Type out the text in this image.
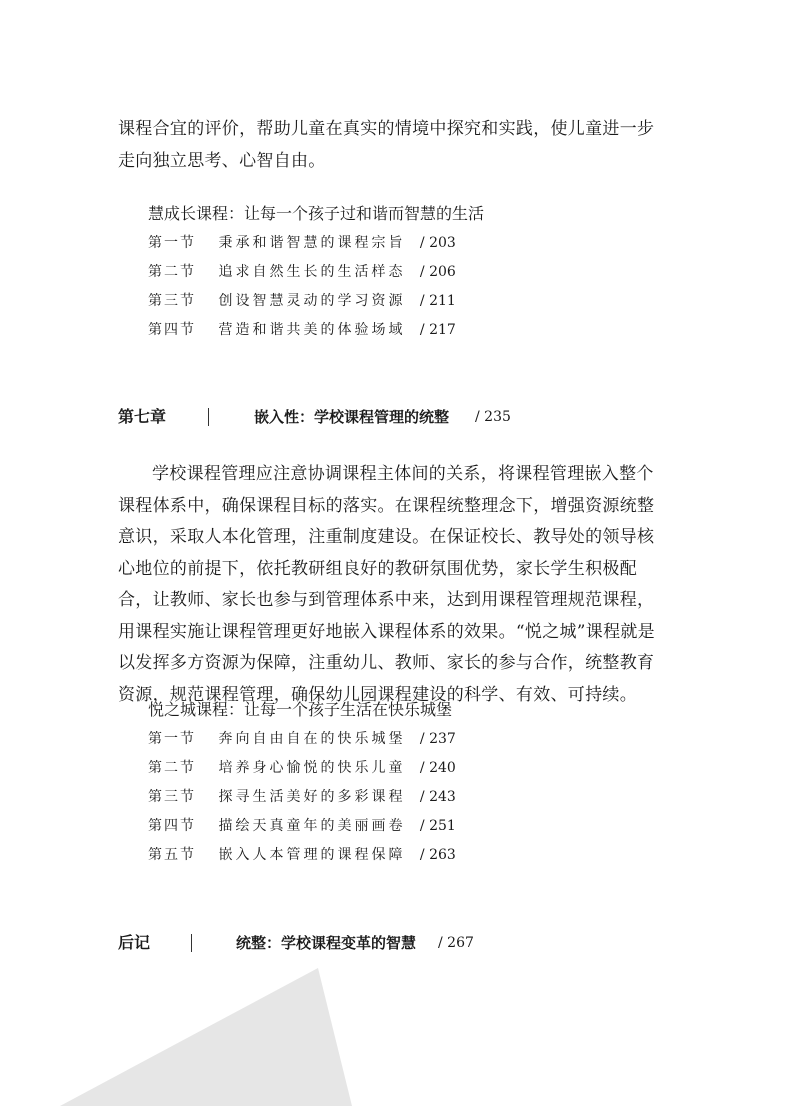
课程合宜的评价，帮助儿童在真实的情境中探究和实践，使儿童进一步走向独立思考、心智自由。

慧成长课程：让每一个孩子过和谐而智慧的生活
第一节 秉承和谐智慧的课程宗旨 / 203
第二节 追求自然生长的生活样态 / 206
第三节 创设智慧灵动的学习资源 / 211
第四节 营造和谐共美的体验场域 / 217
第七章	嵌入性：学校课程管理的统整 / 235

学校课程管理应注意协调课程主体间的关系，将课程管理嵌入整个课程体系中，确保课程目标的落实。在课程统整理念下，增强资源统整意识，采取人本化管理，注重制度建设。在保证校长、教导处的领导核心地位的前提下，依托教研组良好的教研氛围优势，家长学生积极配合，让教师、家长也参与到管理体系中来，达到用课程管理规范课程，用课程实施让课程管理更好地嵌入课程体系的效果。“悦之城”课程就是以发挥多方资源为保障，注重幼儿、教师、家长的参与合作，统整教育资源，规范课程管理，确保幼儿园课程建设的科学、有效、可持续。

悦之城课程：让每一个孩子生活在快乐城堡
第一节 奔向自由自在的快乐城堡 / 237
第二节 培养身心愉悦的快乐儿童 / 240
第三节 探寻生活美好的多彩课程 / 243
第四节 描绘天真童年的美丽画卷 / 251
第五节 嵌入人本管理的课程保障 / 263
后记	统整：学校课程变革的智慧 / 267
